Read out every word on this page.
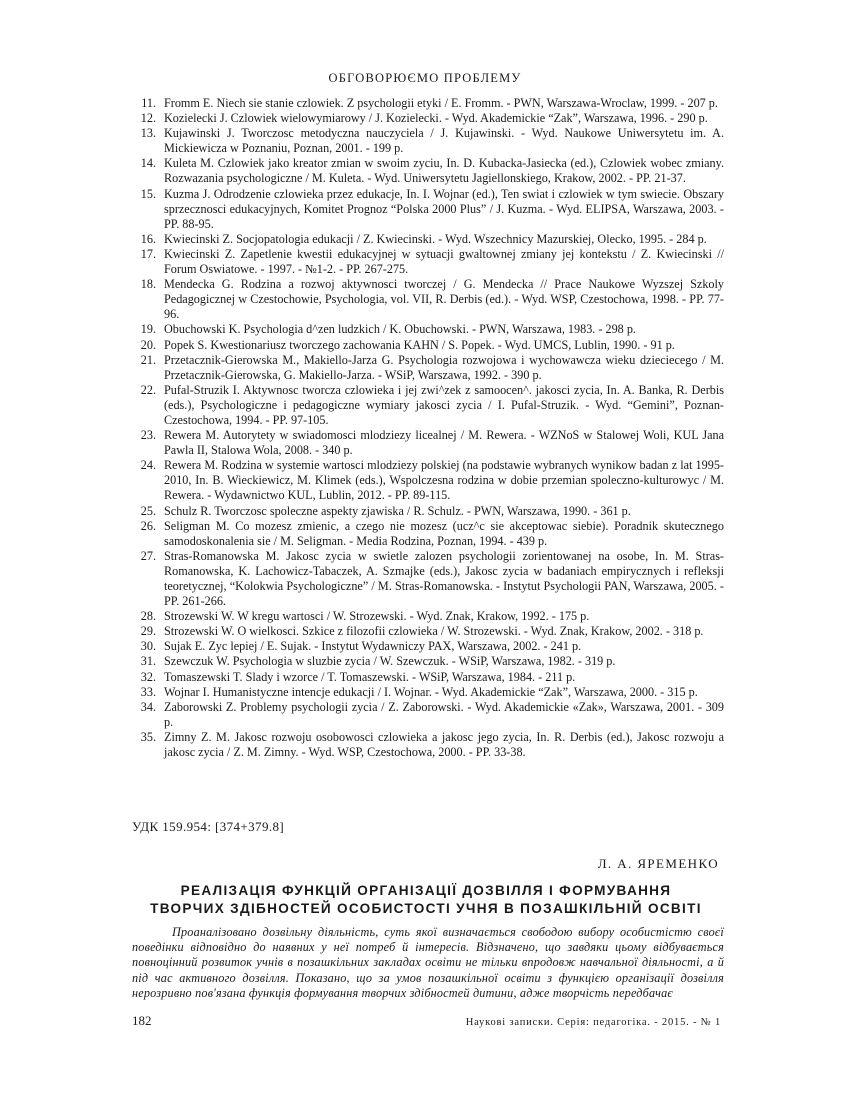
ОБГОВОРЮЄМО ПРОБЛЕМУ
11. Fromm E. Niech sie stanie czlowiek. Z psychologii etyki / E. Fromm. - PWN, Warszawa-Wroclaw, 1999. - 207 p.
12. Kozielecki J. Czlowiek wielowymiarowy / J. Kozielecki. - Wyd. Akademickie “Zak”, Warszawa, 1996. - 290 p.
13. Kujawinski J. Tworczosc metodyczna nauczyciela / J. Kujawinski. - Wyd. Naukowe Uniwersytetu im. A. Mickiewicza w Poznaniu, Poznan, 2001. - 199 p.
14. Kuleta M. Czlowiek jako kreator zmian w swoim zyciu, In. D. Kubacka-Jasiecka (ed.), Czlowiek wobec zmiany. Rozwazania psychologiczne / M. Kuleta. - Wyd. Uniwersytetu Jagiellonskiego, Krakow, 2002. - PP. 21-37.
15. Kuzma J. Odrodzenie czlowieka przez edukacje, In. I. Wojnar (ed.), Ten swiat i czlowiek w tym swiecie. Obszary sprzecznosci edukacyjnych, Komitet Prognoz “Polska 2000 Plus” / J. Kuzma. - Wyd. ELIPSA, Warszawa, 2003. - PP. 88-95.
16. Kwiecinski Z. Socjopatologia edukacji / Z. Kwiecinski. - Wyd. Wszechnicy Mazurskiej, Olecko, 1995. - 284 p.
17. Kwiecinski Z. Zapetlenie kwestii edukacyjnej w sytuacji gwaltownej zmiany jej kontekstu / Z. Kwiecinski // Forum Oswiatowe. - 1997. - №1-2. - PP. 267-275.
18. Mendecka G. Rodzina a rozwoj aktywnosci tworczej / G. Mendecka // Prace Naukowe Wyzszej Szkoly Pedagogicznej w Czestochowie, Psychologia, vol. VII, R. Derbis (ed.). - Wyd. WSP, Czestochowa, 1998. - PP. 77-96.
19. Obuchowski K. Psychologia d^zen ludzkich / K. Obuchowski. - PWN, Warszawa, 1983. - 298 p.
20. Popek S. Kwestionariusz tworczego zachowania KAHN / S. Popek. - Wyd. UMCS, Lublin, 1990. - 91 p.
21. Przetacznik-Gierowska M., Makiello-Jarza G. Psychologia rozwojowa i wychowawcza wieku dzieciecego / M. Przetacznik-Gierowska, G. Makiello-Jarza. - WSiP, Warszawa, 1992. - 390 p.
22. Pufal-Struzik I. Aktywnosc tworcza czlowieka i jej zwi^zek z samoocen^. jakosci zycia, In. A. Banka, R. Derbis (eds.), Psychologiczne i pedagogiczne wymiary jakosci zycia / I. Pufal-Struzik. - Wyd. “Gemini”, Poznan-Czestochowa, 1994. - PP. 97-105.
23. Rewera M. Autorytety w swiadomosci mlodziezy licealnej / M. Rewera. - WZNoS w Stalowej Woli, KUL Jana Pawla II, Stalowa Wola, 2008. - 340 p.
24. Rewera M. Rodzina w systemie wartosci mlodziezy polskiej (na podstawie wybranych wynikow badan z lat 1995-2010, In. B. Wieckiewicz, M. Klimek (eds.), Wspolczesna rodzina w dobie przemian spoleczno-kulturowyc / M. Rewera. - Wydawnictwo KUL, Lublin, 2012. - PP. 89-115.
25. Schulz R. Tworczosc spoleczne aspekty zjawiska / R. Schulz. - PWN, Warszawa, 1990. - 361 p.
26. Seligman M. Co mozesz zmienic, a czego nie mozesz (ucz^c sie akceptowac siebie). Poradnik skutecznego samodoskonalenia sie / M. Seligman. - Media Rodzina, Poznan, 1994. - 439 p.
27. Stras-Romanowska M. Jakosc zycia w swietle zalozen psychologii zorientowanej na osobe, In. M. Stras-Romanowska, K. Lachowicz-Tabaczek, A. Szmajke (eds.), Jakosc zycia w badaniach empirycznych i refleksji teoretycznej, “Kolokwia Psychologiczne” / M. Stras-Romanowska. - Instytut Psychologii PAN, Warszawa, 2005. - PP. 261-266.
28. Strozewski W. W kregu wartosci / W. Strozewski. - Wyd. Znak, Krakow, 1992. - 175 p.
29. Strozewski W. O wielkosci. Szkice z filozofii czlowieka / W. Strozewski. - Wyd. Znak, Krakow, 2002. - 318 p.
30. Sujak E. Zyc lepiej / E. Sujak. - Instytut Wydawniczy PAX, Warszawa, 2002. - 241 p.
31. Szewczuk W. Psychologia w sluzbie zycia / W. Szewczuk. - WSiP, Warszawa, 1982. - 319 p.
32. Tomaszewski T. Slady i wzorce / T. Tomaszewski. - WSiP, Warszawa, 1984. - 211 p.
33. Wojnar I. Humanistyczne intencje edukacji / I. Wojnar. - Wyd. Akademickie “Zak”, Warszawa, 2000. - 315 p.
34. Zaborowski Z. Problemy psychologii zycia / Z. Zaborowski. - Wyd. Akademickie «Zak», Warszawa, 2001. - 309 p.
35. Zimny Z. M. Jakosc rozwoju osobowosci czlowieka a jakosc jego zycia, In. R. Derbis (ed.), Jakosc rozwoju a jakosc zycia / Z. M. Zimny. - Wyd. WSP, Czestochowa, 2000. - PP. 33-38.
УДК 159.954: [374+379.8]
Л. А. ЯРЕМЕНКО
РЕАЛІЗАЦІЯ ФУНКЦІЙ ОРГАНІЗАЦІЇ ДОЗВІЛЛЯ І ФОРМУВАННЯ
ТВОРЧИХ ЗДІБНОСТЕЙ ОСОБИСТОСТІ УЧНЯ В ПОЗАШКІЛЬНІЙ ОСВІТІ
Проаналізовано дозвільну діяльність, суть якої визначається свободою вибору особистістю своєї поведінки відповідно до наявних у неї потреб й інтересів. Відзначено, що завдяки цьому відбувається повноцінний розвиток учнів в позашкільних закладах освіти не тільки впродовж навчальної діяльності, а й під час активного дозвілля. Показано, що за умов позашкільної освіти з функцією організації дозвілля нерозривно пов'язана функція формування творчих здібностей дитини, адже творчість передбачає
182	Наукові записки. Серія: педагогіка. - 2015. - № 1
